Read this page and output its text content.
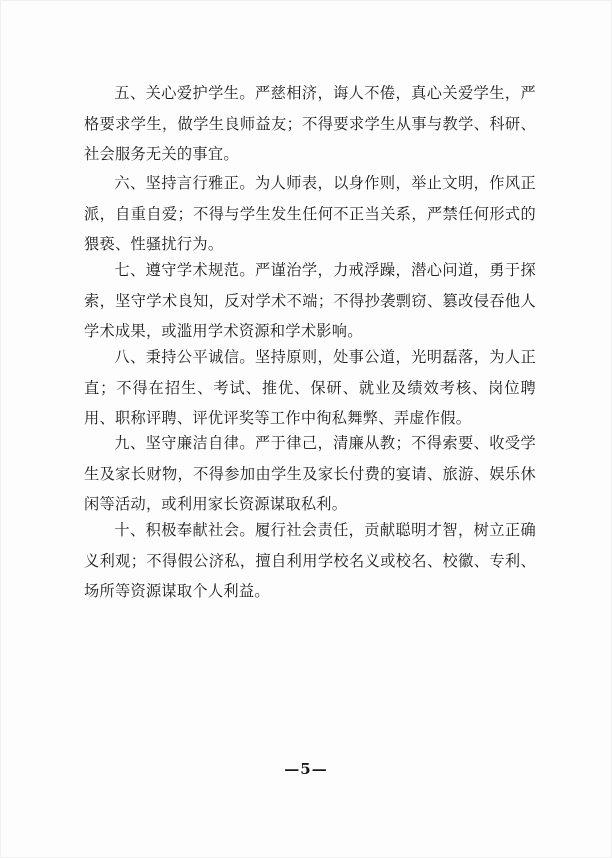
五、关心爱护学生。严慈相济，诲人不倦，真心关爱学生，严格要求学生，做学生良师益友；不得要求学生从事与教学、科研、社会服务无关的事宜。

六、坚持言行雅正。为人师表，以身作则，举止文明，作风正派，自重自爱；不得与学生发生任何不正当关系，严禁任何形式的猥亵、性骚扰行为。

七、遵守学术规范。严谨治学，力戒浮躁，潜心问道，勇于探索，坚守学术良知，反对学术不端；不得抄袭剽窃、篡改侵吞他人学术成果，或滥用学术资源和学术影响。

八、秉持公平诚信。坚持原则，处事公道，光明磊落，为人正直；不得在招生、考试、推优、保研、就业及绩效考核、岗位聘用、职称评聘、评优评奖等工作中徇私舞弊、弄虚作假。

九、坚守廉洁自律。严于律己，清廉从教；不得索要、收受学生及家长财物，不得参加由学生及家长付费的宴请、旅游、娱乐休闲等活动，或利用家长资源谋取私利。

十、积极奉献社会。履行社会责任，贡献聪明才智，树立正确义利观；不得假公济私，擅自利用学校名义或校名、校徽、专利、场所等资源谋取个人利益。

—5—
